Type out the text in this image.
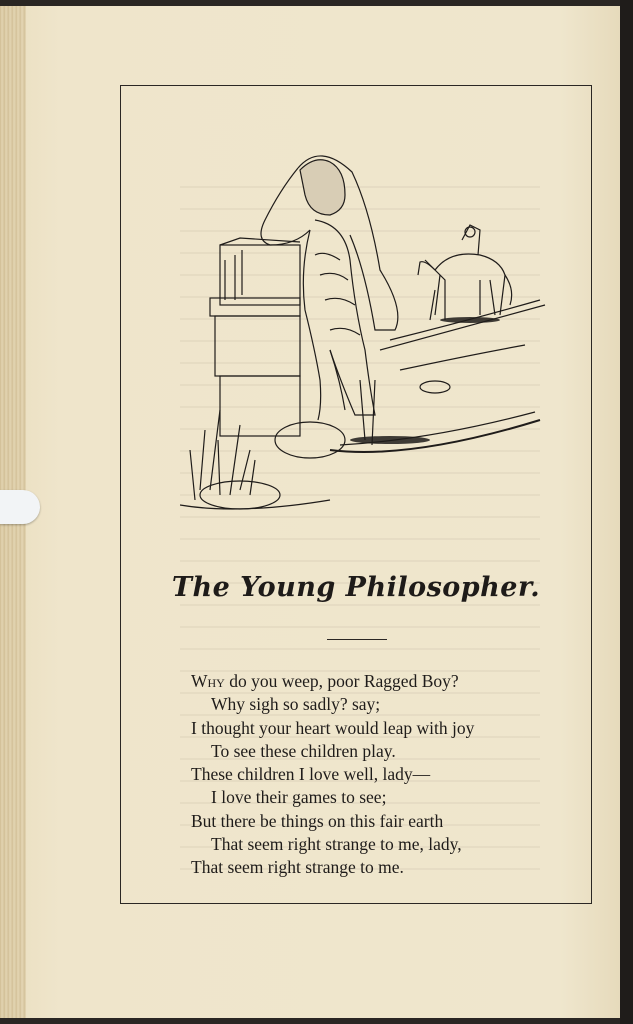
The Young Philosopher.
Why do you weep, poor Ragged Boy?
Why sigh so sadly? say;
I thought your heart would leap with joy
To see these children play.
These children I love well, lady—
I love their games to see;
But there be things on this fair earth
That seem right strange to me, lady,
That seem right strange to me.
